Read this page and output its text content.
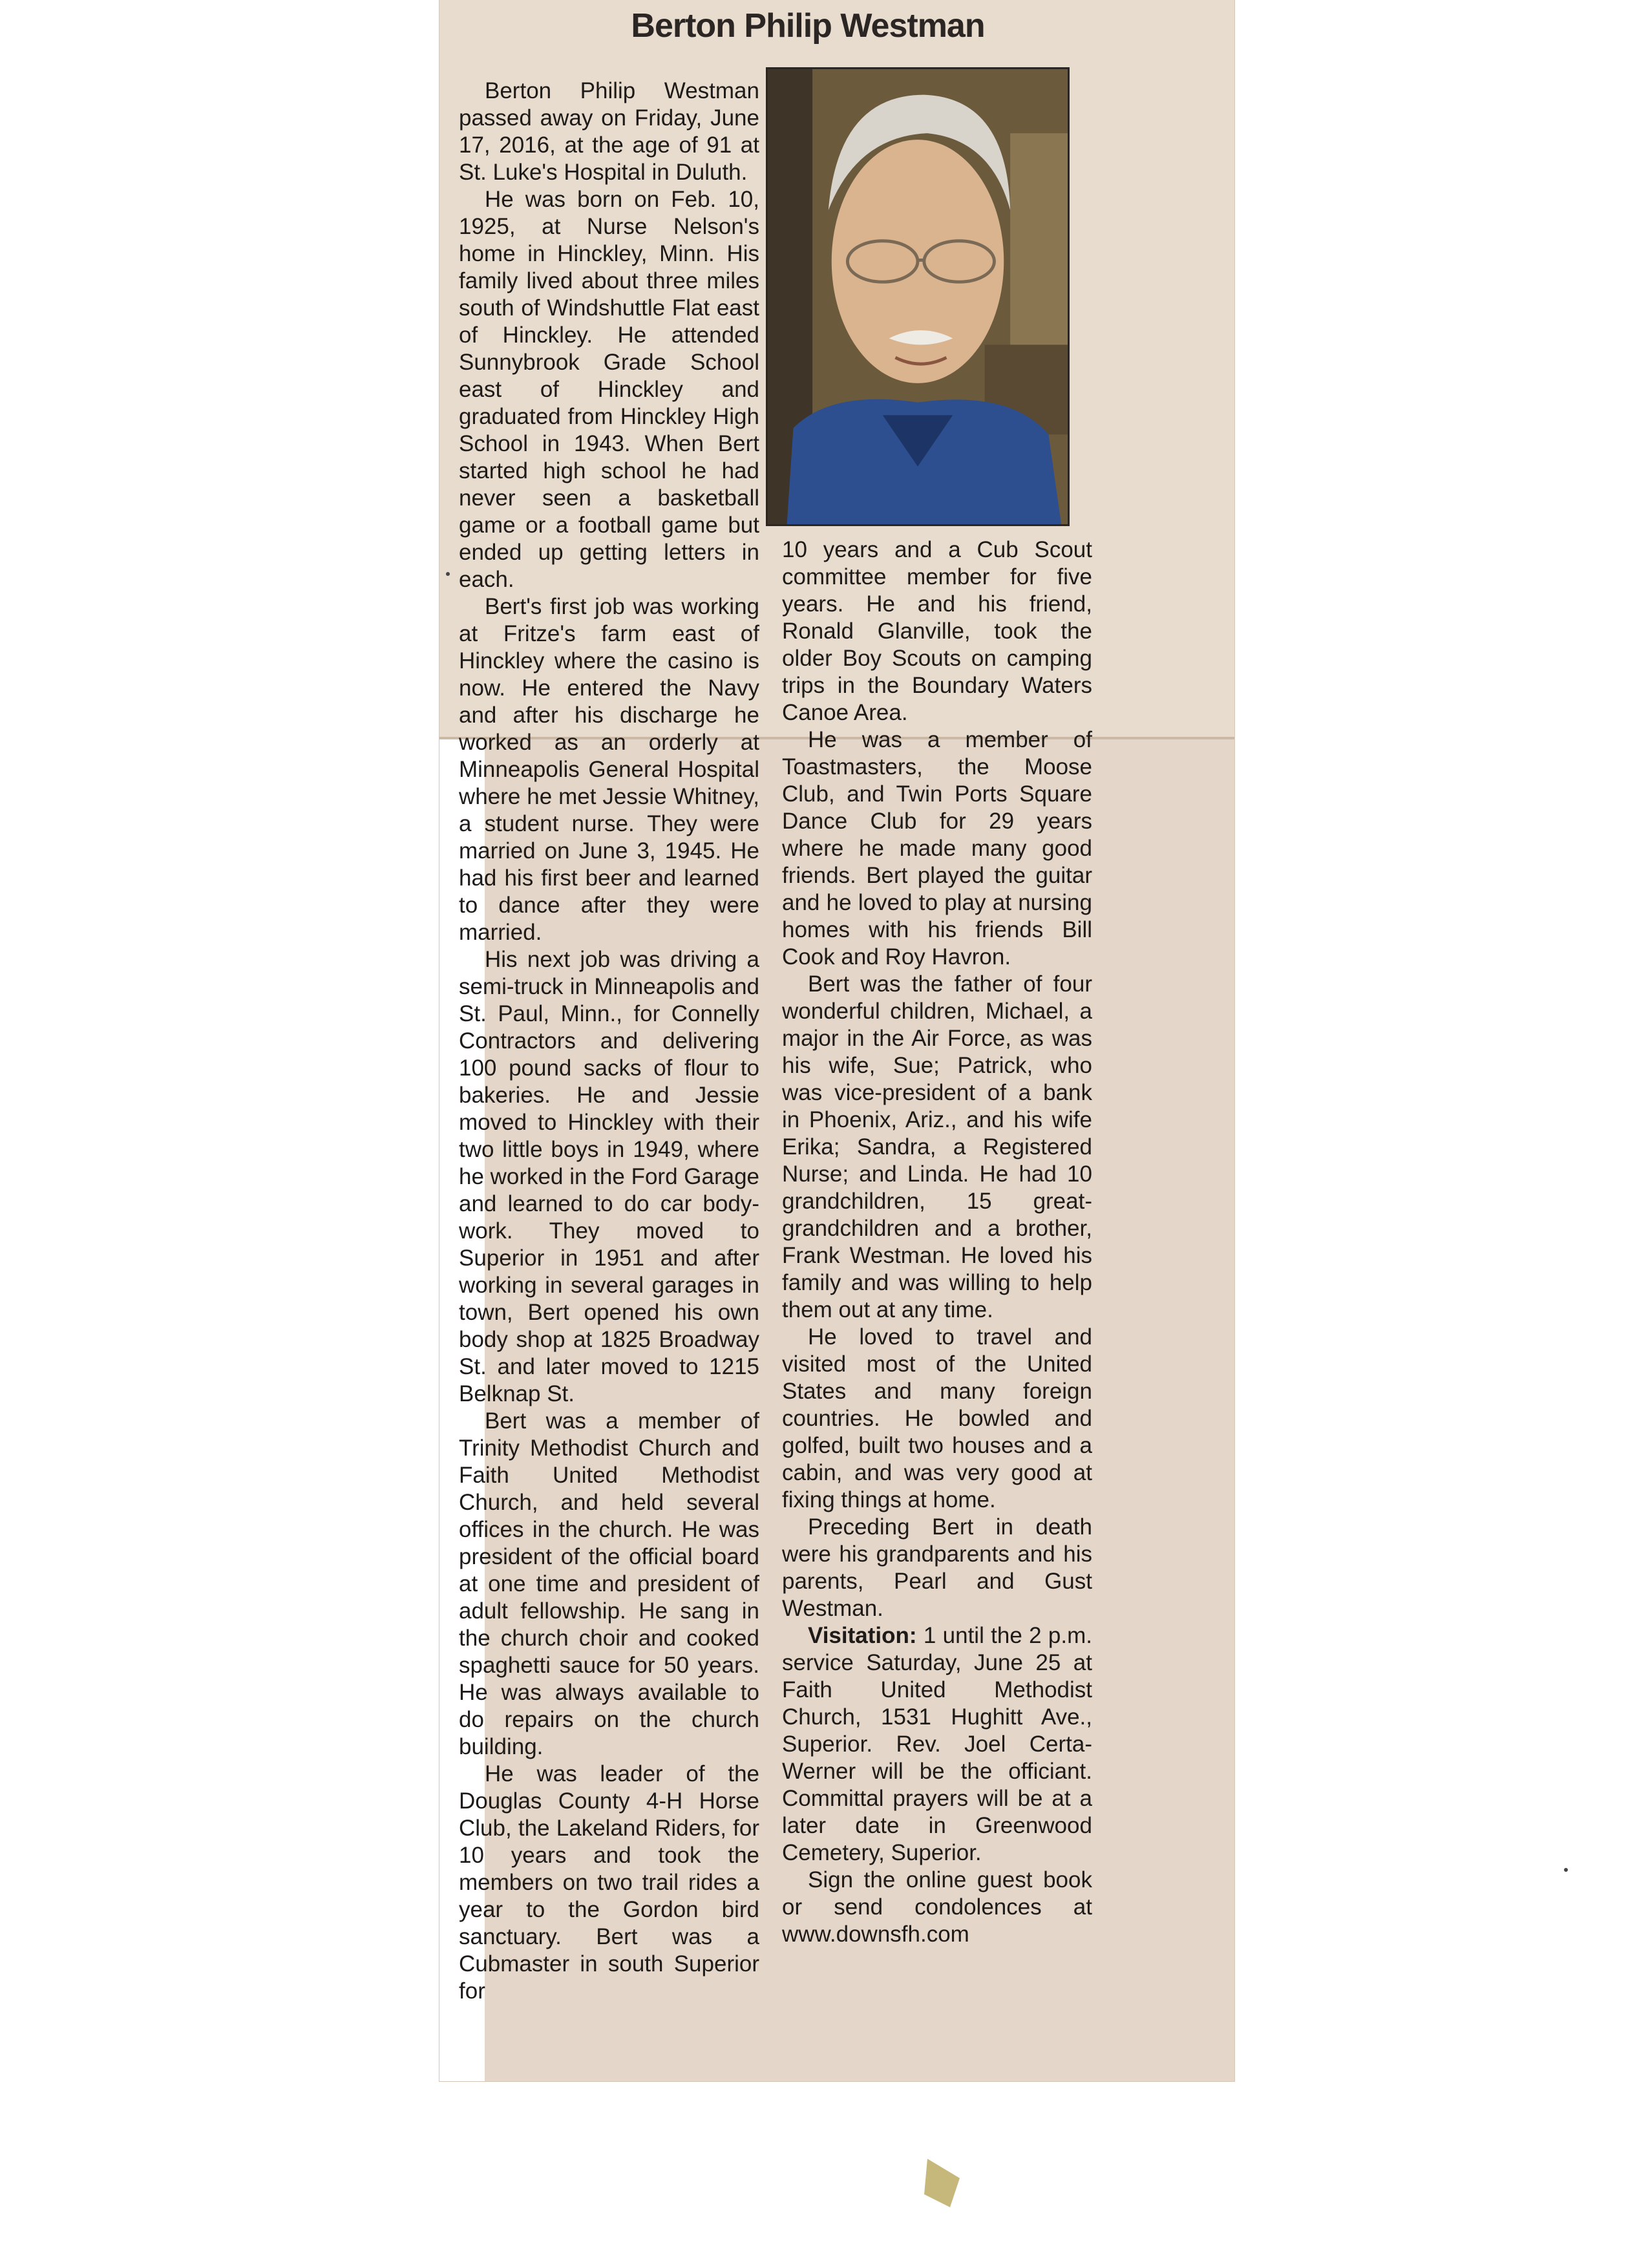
Berton Philip Westman

Berton Philip Westman passed away on Friday, June 17, 2016, at the age of 91 at St. Luke's Hospital in Duluth.

He was born on Feb. 10, 1925, at Nurse Nelson's home in Hinckley, Minn. His family lived about three miles south of Windshuttle Flat east of Hinckley. He attended Sunnybrook Grade School east of Hinckley and graduated from Hinckley High School in 1943. When Bert started high school he had never seen a basketball game or a football game but ended up getting letters in each.

Bert's first job was working at Fritze's farm east of Hinckley where the casino is now. He entered the Navy and after his discharge he worked as an orderly at Minneapolis General Hospital where he met Jessie Whitney, a student nurse. They were married on June 3, 1945. He had his first beer and learned to dance after they were married.

His next job was driving a semi-truck in Minneapolis and St. Paul, Minn., for Connelly Contractors and delivering 100 pound sacks of flour to bakeries. He and Jessie moved to Hinckley with their two little boys in 1949, where he worked in the Ford Garage and learned to do car body-work. They moved to Superior in 1951 and after working in several garages in town, Bert opened his own body shop at 1825 Broadway St. and later moved to 1215 Belknap St.

Bert was a member of Trinity Methodist Church and Faith United Methodist Church, and held several offices in the church. He was president of the official board at one time and president of adult fellowship. He sang in the church choir and cooked spaghetti sauce for 50 years. He was always available to do repairs on the church building.

He was leader of the Douglas County 4-H Horse Club, the Lakeland Riders, for 10 years and took the members on two trail rides a year to the Gordon bird sanctuary. Bert was a Cubmaster in south Superior for

10 years and a Cub Scout committee member for five years. He and his friend, Ronald Glanville, took the older Boy Scouts on camping trips in the Boundary Waters Canoe Area.

He was a member of Toastmasters, the Moose Club, and Twin Ports Square Dance Club for 29 years where he made many good friends. Bert played the guitar and he loved to play at nursing homes with his friends Bill Cook and Roy Havron.

Bert was the father of four wonderful children, Michael, a major in the Air Force, as was his wife, Sue; Patrick, who was vice-president of a bank in Phoenix, Ariz., and his wife Erika; Sandra, a Registered Nurse; and Linda. He had 10 grandchildren, 15 great-grandchildren and a brother, Frank Westman. He loved his family and was willing to help them out at any time.

He loved to travel and visited most of the United States and many foreign countries. He bowled and golfed, built two houses and a cabin, and was very good at fixing things at home.

Preceding Bert in death were his grandparents and his parents, Pearl and Gust Westman.

Visitation: 1 until the 2 p.m. service Saturday, June 25 at Faith United Methodist Church, 1531 Hughitt Ave., Superior. Rev. Joel Certa-Werner will be the officiant. Committal prayers will be at a later date in Greenwood Cemetery, Superior.

Sign the online guest book or send condolences at www.downsfh.com
